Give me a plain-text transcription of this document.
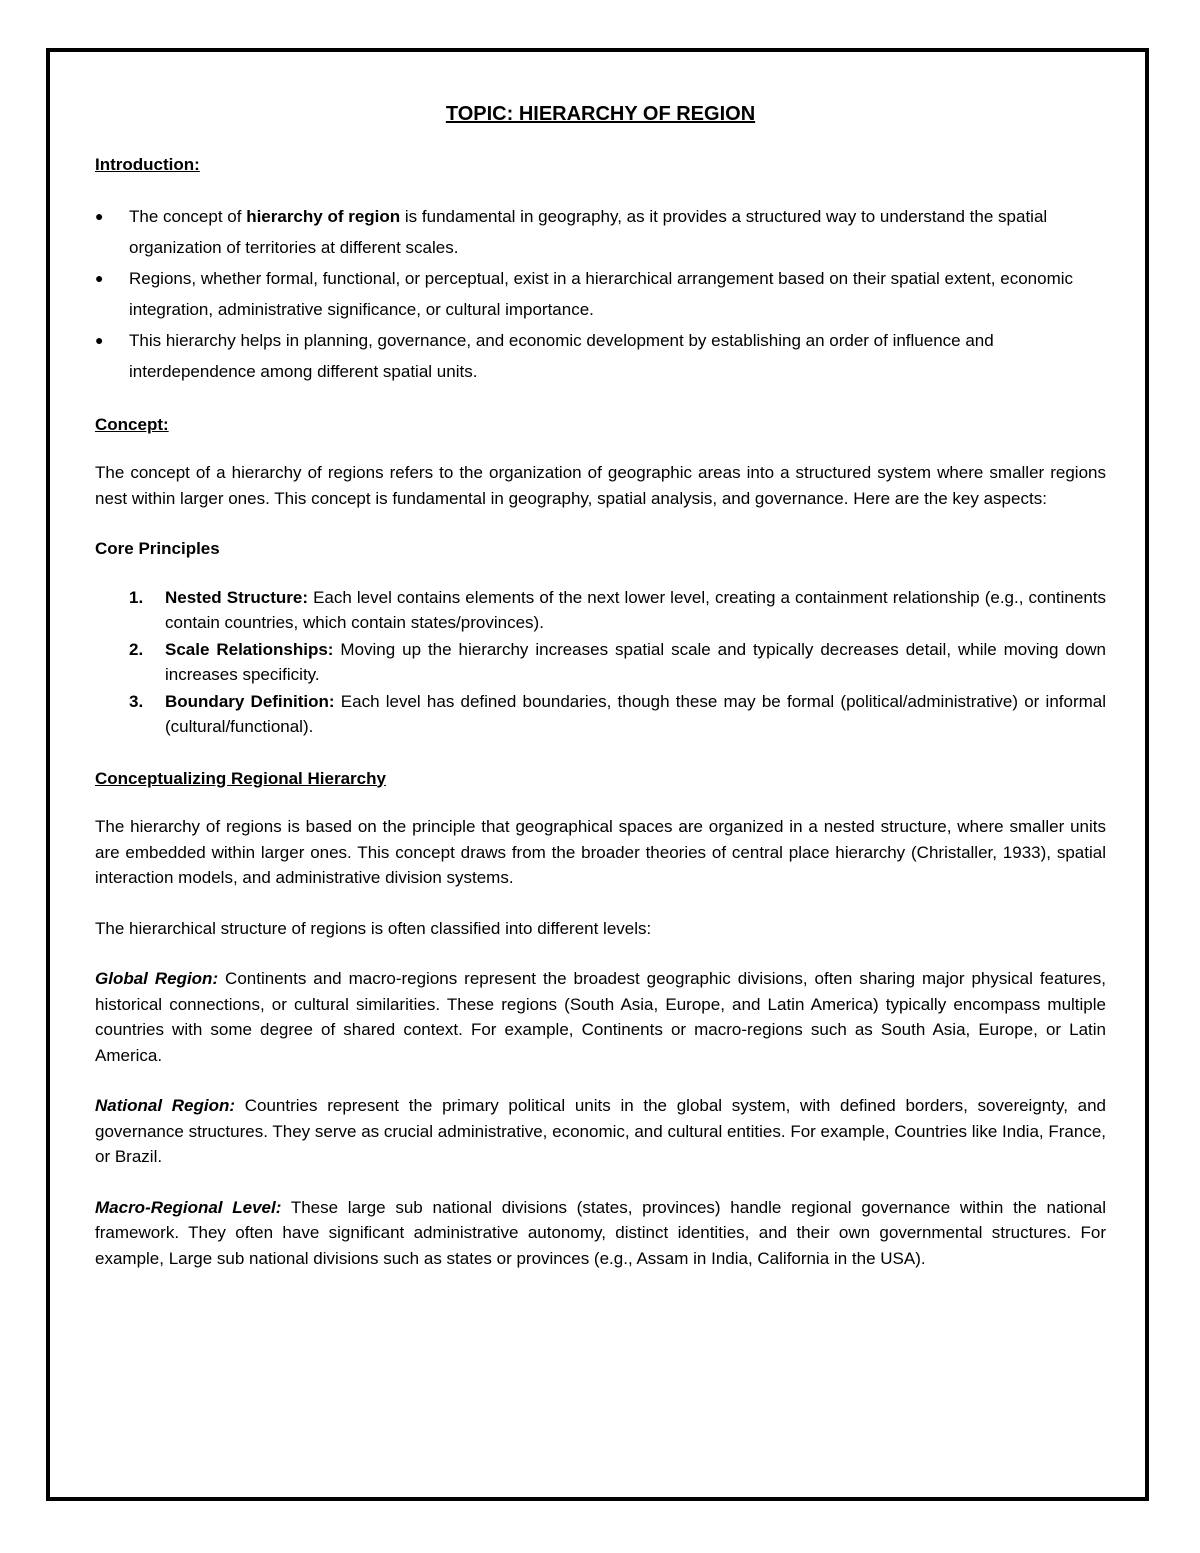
TOPIC: HIERARCHY OF REGION
Introduction:
● The concept of hierarchy of region is fundamental in geography, as it provides a structured way to understand the spatial organization of territories at different scales.
● Regions, whether formal, functional, or perceptual, exist in a hierarchical arrangement based on their spatial extent, economic integration, administrative significance, or cultural importance.
● This hierarchy helps in planning, governance, and economic development by establishing an order of influence and interdependence among different spatial units.
Concept:

The concept of a hierarchy of regions refers to the organization of geographic areas into a structured system where smaller regions nest within larger ones. This concept is fundamental in geography, spatial analysis, and governance. Here are the key aspects:

Core Principles
1. Nested Structure: Each level contains elements of the next lower level, creating a containment relationship (e.g., continents contain countries, which contain states/provinces).
2. Scale Relationships: Moving up the hierarchy increases spatial scale and typically decreases detail, while moving down increases specificity.
3. Boundary Definition: Each level has defined boundaries, though these may be formal (political/administrative) or informal (cultural/functional).
Conceptualizing Regional Hierarchy

The hierarchy of regions is based on the principle that geographical spaces are organized in a nested structure, where smaller units are embedded within larger ones. This concept draws from the broader theories of central place hierarchy (Christaller, 1933), spatial interaction models, and administrative division systems.

The hierarchical structure of regions is often classified into different levels:

Global Region: Continents and macro-regions represent the broadest geographic divisions, often sharing major physical features, historical connections, or cultural similarities. These regions (South Asia, Europe, and Latin America) typically encompass multiple countries with some degree of shared context. For example, Continents or macro-regions such as South Asia, Europe, or Latin America.

National Region: Countries represent the primary political units in the global system, with defined borders, sovereignty, and governance structures. They serve as crucial administrative, economic, and cultural entities. For example, Countries like India, France, or Brazil.

Macro-Regional Level: These large sub national divisions (states, provinces) handle regional governance within the national framework. They often have significant administrative autonomy, distinct identities, and their own governmental structures. For example, Large sub national divisions such as states or provinces (e.g., Assam in India, California in the USA).
